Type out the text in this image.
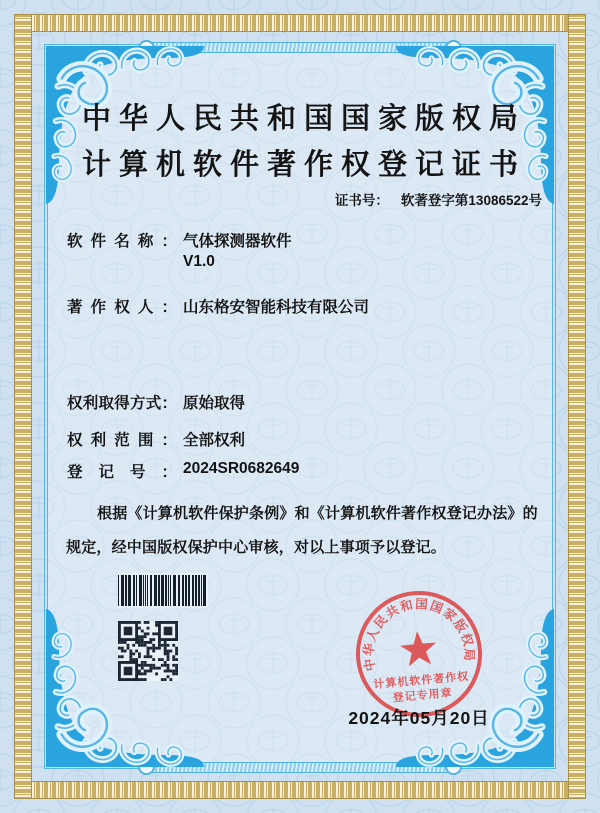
中华人民共和国国家版权局
计算机软件著作权登记证书
证书号： 软著登字第13086522号
软件名称： 气体探测器软件
V1.0
著作权人： 山东格安智能科技有限公司
权利取得方式： 原始取得
权利范围： 全部权利
登记号： 2024SR0682649
根据《计算机软件保护条例》和《计算机软件著作权登记办法》的规定，经中国版权保护中心审核，对以上事项予以登记。
中华人民共和国国家版权局
计算机软件著作权
登记专用章
2024年05月20日
